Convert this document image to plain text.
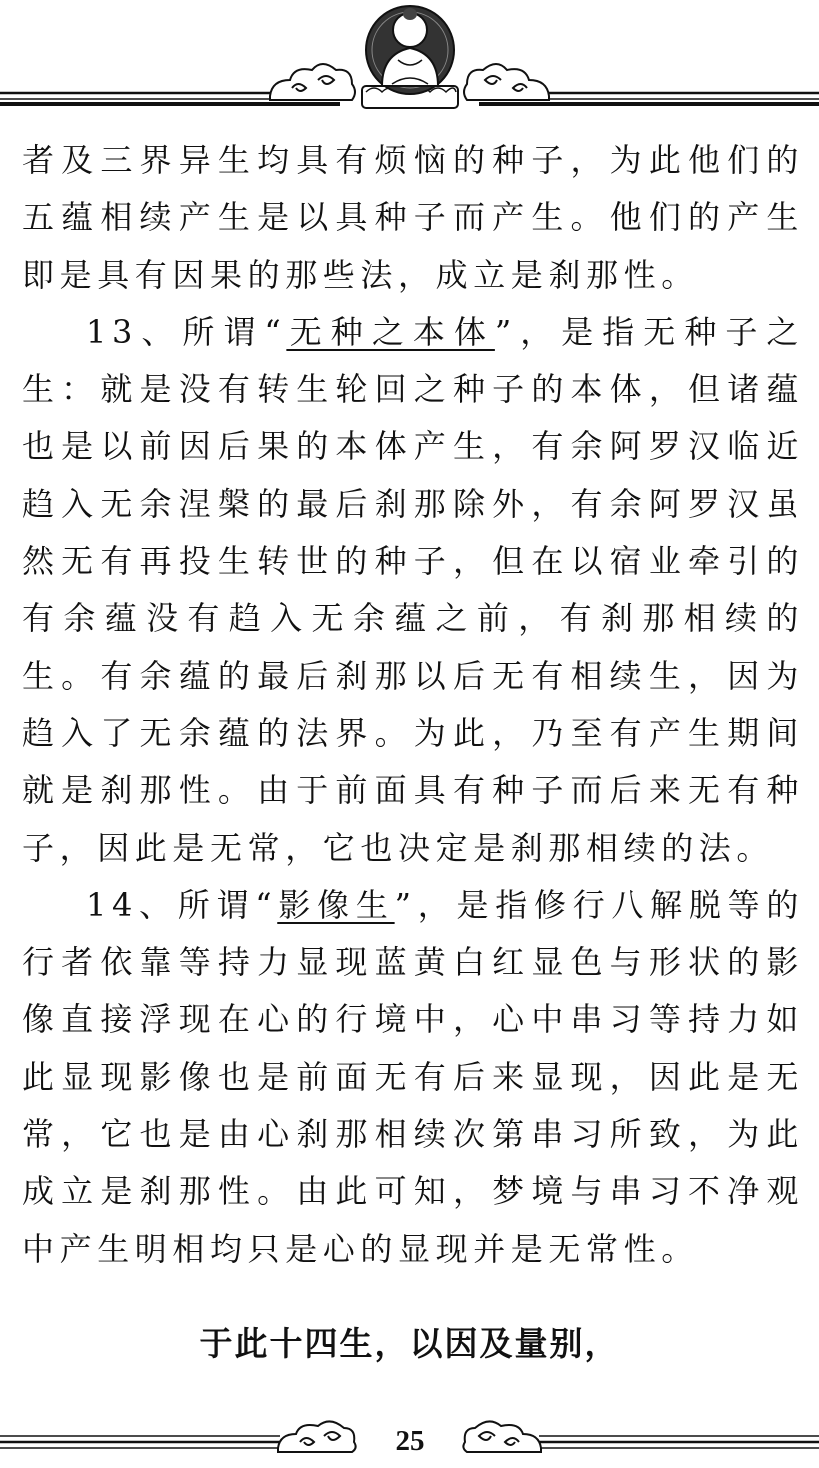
者及三界异生均具有烦恼的种子，为此他们的五蕴相续产生是以具种子而产生。他们的产生即是具有因果的那些法，成立是刹那性。

13、所谓“无种之本体”，是指无种子之生：就是没有转生轮回之种子的本体，但诸蕴也是以前因后果的本体产生，有余阿罗汉临近趋入无余涅槃的最后刹那除外，有余阿罗汉虽然无有再投生转世的种子，但在以宿业牵引的有余蕴没有趋入无余蕴之前，有刹那相续的生。有余蕴的最后刹那以后无有相续生，因为趋入了无余蕴的法界。为此，乃至有产生期间就是刹那性。由于前面具有种子而后来无有种子，因此是无常，它也决定是刹那相续的法。

14、所谓“影像生”，是指修行八解脱等的行者依靠等持力显现蓝黄白红显色与形状的影像直接浮现在心的行境中，心中串习等持力如此显现影像也是前面无有后来显现，因此是无常，它也是由心刹那相续次第串习所致，为此成立是刹那性。由此可知，梦境与串习不净观中产生明相均只是心的显现并是无常性。

于此十四生，以因及量别，
25
